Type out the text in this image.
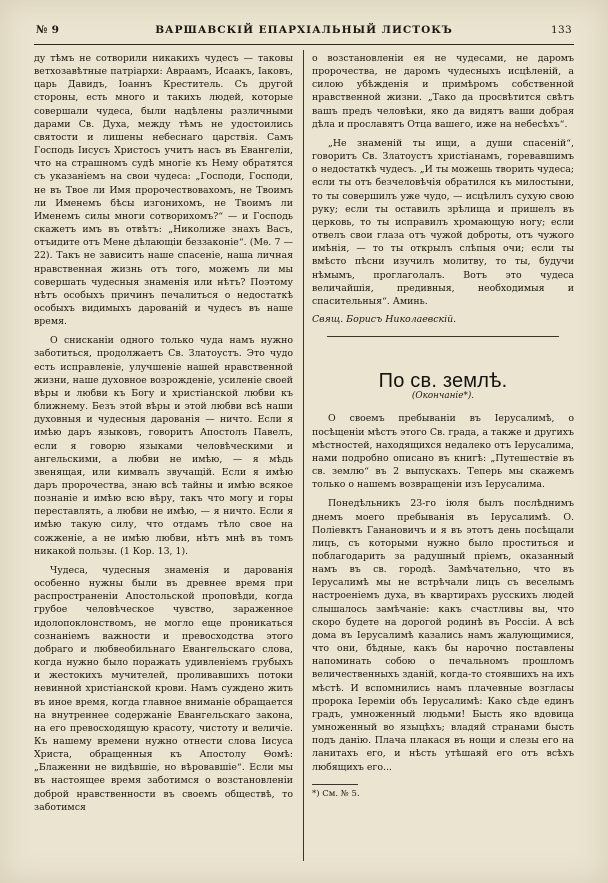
№ 9	ВАРШАВСКІЙ ЕПАРХІАЛЬНЫЙ ЛИСТОКЪ	133

ду тѣмъ не сотворили никакихъ чудесъ — таковы ветхозавѣтные патріархи: Авраамъ, Исаакъ, Іаковъ, царь Давидъ, Іоаннъ Креститель. Съ другой стороны, есть много и такихъ людей, которые совершали чудеса, были надѣлены различными дарами Св. Духа, между тѣмъ не удостоились святости и лишены небеснаго царствія. Самъ Господь Іисусъ Христосъ учитъ насъ въ Евангеліи, что на страшномъ судѣ многіе къ Нему обратятся съ указаніемъ на свои чудеса: „Господи, Господи, не въ Твое ли Имя пророчествовахомъ, не Твоимъ ли Именемъ бѣсы изгонихомъ, не Твоимъ ли Именемъ силы многи сотворихомъ?“ — и Господь скажетъ имъ въ отвѣтъ: „Николиже знахъ Васъ, отъидите отъ Мене дѣлающіи беззаконіе“. (Мѳ. 7 — 22). Такъ не зависитъ наше спасеніе, наша личная нравственная жизнь отъ того, можемъ ли мы совершать чудесныя знаменія или нѣтъ? Поэтому нѣтъ особыхъ причинъ печалиться о недостаткѣ особыхъ видимыхъ дарованій и чудесъ въ наше время.

О снисканіи одного только чуда намъ нужно заботиться, продолжаетъ Св. Златоустъ. Это чудо есть исправленіе, улучшеніе нашей нравственной жизни, наше духовное возрожденіе, усиленіе своей вѣры и любви къ Богу и христіанской любви къ ближнему. Безъ этой вѣры и этой любви всѣ наши духовныя и чудесныя дарованія — ничто. Если я имѣю даръ языковъ, говоритъ Апостолъ Павелъ, если я говорю языками человѣческими и ангельскими, а любви не имѣю, — я мѣдь звенящая, или кимвалъ звучащій. Если я имѣю даръ пророчества, знаю всѣ тайны и имѣю всякое познаніе и имѣю всю вѣру, такъ что могу и горы переставлять, а любви не имѣю, — я ничто. Если я имѣю такую силу, что отдамъ тѣло свое на сожженіе, а не имѣю любви, нѣтъ мнѣ въ томъ никакой пользы. (1 Кор. 13, 1).

Чудеса, чудесныя знаменія и дарованія особенно нужны были въ древнее время при распространеніи Апостольской проповѣди, когда грубое человѣческое чувство, зараженное идолопоклонствомъ, не могло еще проникаться сознаніемъ важности и превосходства этого добраго и любвеобильнаго Евангельскаго слова, когда нужно было поражать удивленіемъ грубыхъ и жестокихъ мучителей, проливавшихъ потоки невинной христіанской крови. Намъ суждено жить въ иное время, когда главное вниманіе обращается на внутреннее содержаніе Евангельскаго закона, на его превосходящую красоту, чистоту и величіе. Къ нашему времени нужно отнести слова Іисуса Христа, обращенныя къ Апостолу Ѳомѣ: „Блаженни не видѣвшіе, но вѣровавшіе“. Если мы въ настоящее время заботимся о возстановленіи доброй нравственности въ своемъ обществѣ, то заботимся

о возстановленіи ея не чудесами, не даромъ пророчества, не даромъ чудесныхъ исцѣленій, а силою убѣжденія и примѣромъ собственной нравственной жизни. „Тако да просвѣтится свѣтъ вашъ предъ человѣки, яко да видятъ ваши добрая дѣла и прославятъ Отца вашего, иже на небесѣхъ“.

„Не знаменій ты ищи, а души спасеній“, говоритъ Св. Златоустъ христіанамъ, горевавшимъ о недостаткѣ чудесъ. „И ты можешь творить чудеса; если ты отъ безчеловѣчія обратился къ милостыни, то ты совершилъ уже чудо, — исцѣлилъ сухую свою руку; если ты оставилъ зрѣлища и пришелъ въ церковь, то ты исправилъ хромающую ногу; если отвелъ свои глаза отъ чужой доброты, отъ чужого имѣнія, — то ты открылъ слѣпыя очи; если ты вмѣсто пѣсни изучилъ молитву, то ты, будучи нѣмымъ, проглаголалъ. Вотъ это чудеса величайшія, предивныя, необходимыя и спасительныя“. Аминь.

Свящ. Борисъ Николаевскій.

По св. землѣ.
(Окончаніе*).

О своемъ пребываніи въ Іерусалимѣ, о посѣщеніи мѣстъ этого Св. града, а также и другихъ мѣстностей, находящихся недалеко отъ Іерусалима, нами подробно описано въ книгѣ: „Путешествіе въ св. землю“ въ 2 выпускахъ. Теперь мы скажемъ только о нашемъ возвращеніи изъ Іерусалима.

Понедѣльникъ 23-го іюля былъ послѣднимъ днемъ моего пребыванія въ Іерусалимѣ. О. Поліевктъ Ганановичъ и я въ этотъ день посѣщали лицъ, съ которыми нужно было проститься и поблагодарить за радушный пріемъ, оказанный намъ въ св. городѣ. Замѣчательно, что въ Іерусалимѣ мы не встрѣчали лицъ съ веселымъ настроеніемъ духа, въ квартирахъ русскихъ людей слышалось замѣчаніе: какъ счастливы вы, что скоро будете на дорогой родинѣ въ Россіи. А всѣ дома въ Іерусалимѣ казались намъ жалующимися, что они, бѣдные, какъ бы нарочно поставлены напоминать собою о печальномъ прошломъ величественныхъ зданій, когда-то стоявшихъ на ихъ мѣстѣ. И вспомнились намъ плачевные возгласы пророка Іереміи объ Іерусалимѣ: Како сѣде единъ градъ, умноженный людьми! Бысть яко вдовица умноженный во языцѣхъ; владяй странами бысть подъ данію. Плача плакася въ нощи и слезы его на ланитахъ его, и нѣсть утѣшаяй его отъ всѣхъ любящихъ его...

*) См. № 5.
